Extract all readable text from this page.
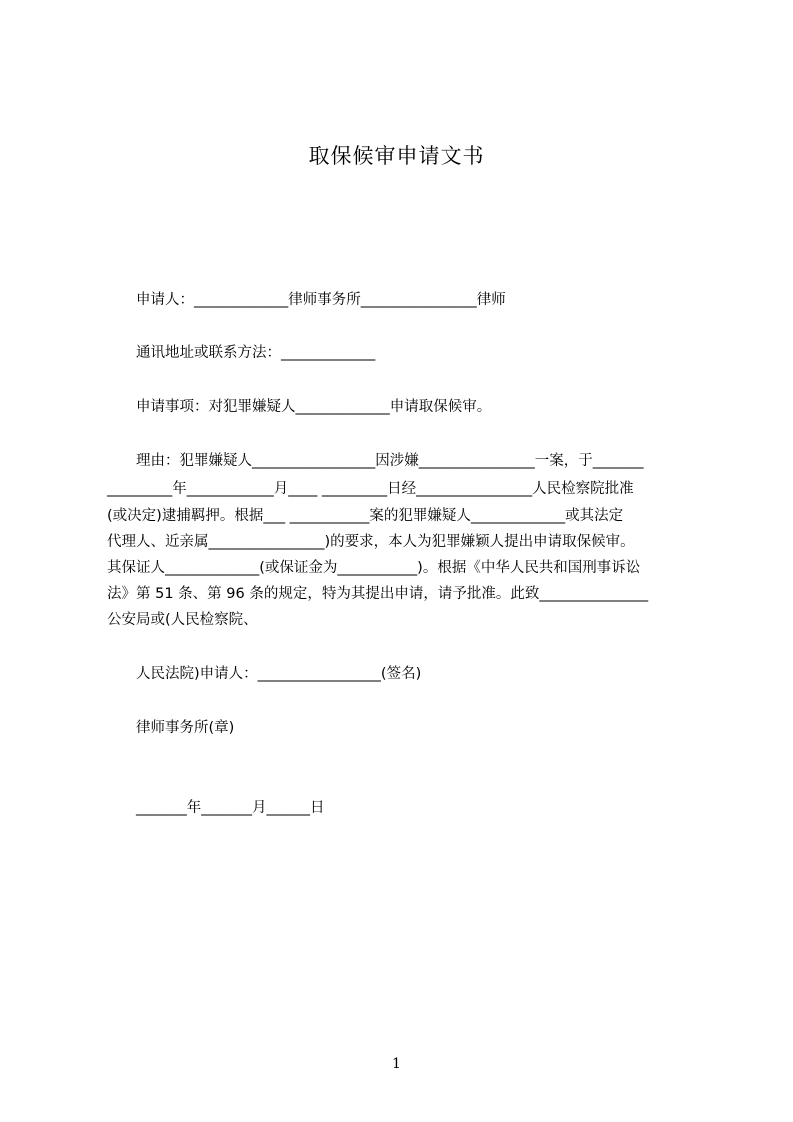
取保候审申请文书
申请人：_____________律师事务所________________律师
通讯地址或联系方法：_____________
申请事项：对犯罪嫌疑人_____________申请取保候审。
理由：犯罪嫌疑人_________________因涉嫌________________一案，于_______
_________年____________月____ _________日经________________人民检察院批准
(或决定)逮捕羁押。根据___ ___________案的犯罪嫌疑人_____________或其法定
代理人、近亲属________________)的要求，本人为犯罪嫌颖人提出申请取保候审。
其保证人_____________(或保证金为___________)。根据《中华人民共和国刑事诉讼
法》第 51 条、第 96 条的规定，特为其提出申请，请予批准。此致_______________
公安局或(人民检察院、
人民法院)申请人：_________________(签名)
律师事务所(章)
_______年_______月______日
1
